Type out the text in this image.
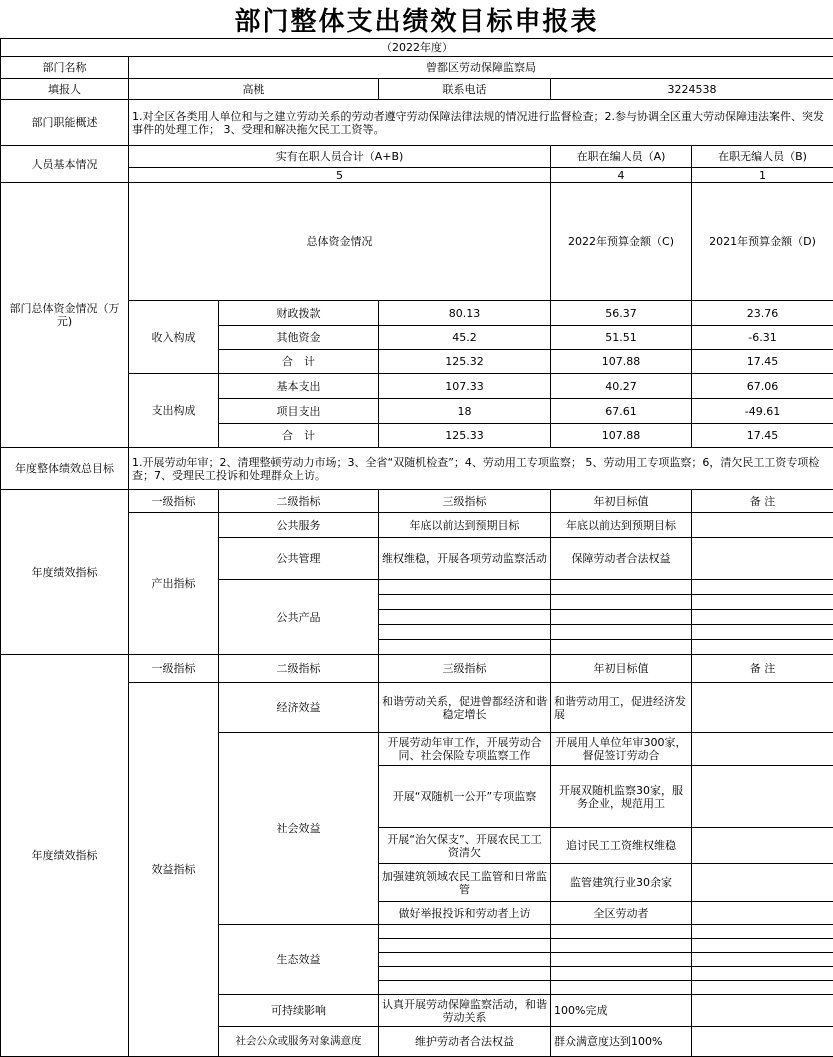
部门整体支出绩效目标申报表
（2022年度）						
部门名称	曾都区劳动保障监察局					
填报人	高桃		联系电话	3224538		
部门职能概述	1.对全区各类用人单位和与之建立劳动关系的劳动者遵守劳动保障法律法规的情况进行监督检查；2.参与协调全区重大劳动保障违法案件、突发事件的处理工作； 3、受理和解决拖欠民工工资等。					
人员基本情况	实有在职人员合计（A+B)			在职在编人员（A)	在职无编人员（B)	
	5			4	1	
部门总体资金情况（万元)	总体资金情况			2022年预算金额（C)	2021年预算金额（D)	
	收入构成	财政拨款	80.13	56.37	23.76	
		其他资金	45.2	51.51	-6.31	
		合　计	125.32	107.88	17.45	
	支出构成	基本支出	107.33	40.27	67.06	
		项目支出	18	67.61	-49.61	
		合　计	125.33	107.88	17.45	
年度整体绩效总目标	1.开展劳动年审；2、清理整顿劳动力市场；3、全省“双随机检查”；4、劳动用工专项监察； 5、劳动用工专项监察；6，清欠民工工资专项检查；7、受理民工投诉和处理群众上访。					
年度绩效指标	一级指标	二级指标	三级指标	年初目标值	备 注	
	产出指标	公共服务	年底以前达到预期目标	年底以前达到预期目标		
		公共管理	维权维稳，开展各项劳动监察活动	保障劳动者合法权益		
		公共产品				

年度绩效指标	一级指标	二级指标	三级指标	年初目标值	备 注	
	效益指标	经济效益	和谐劳动关系，促进曾都经济和谐稳定增长	和谐劳动用工，促进经济发展		
		社会效益	开展劳动年审工作，开展劳动合同、社会保险专项监察工作	开展用人单位年审300家，督促签订劳动合		
			开展“双随机一公开”专项监察	开展双随机监察30家，服务企业，规范用工		
			开展“治欠保支”、开展农民工工资清欠	追讨民工工资维权维稳		
			加强建筑领域农民工监管和日常监管	监管建筑行业30余家		
			做好举报投诉和劳动者上访	全区劳动者		
		生态效益				

		可持续影响	认真开展劳动保障监察活动，和谐劳动关系	100%完成		
		社会公众或服务对象满意度	维护劳动者合法权益	群众满意度达到100%		
